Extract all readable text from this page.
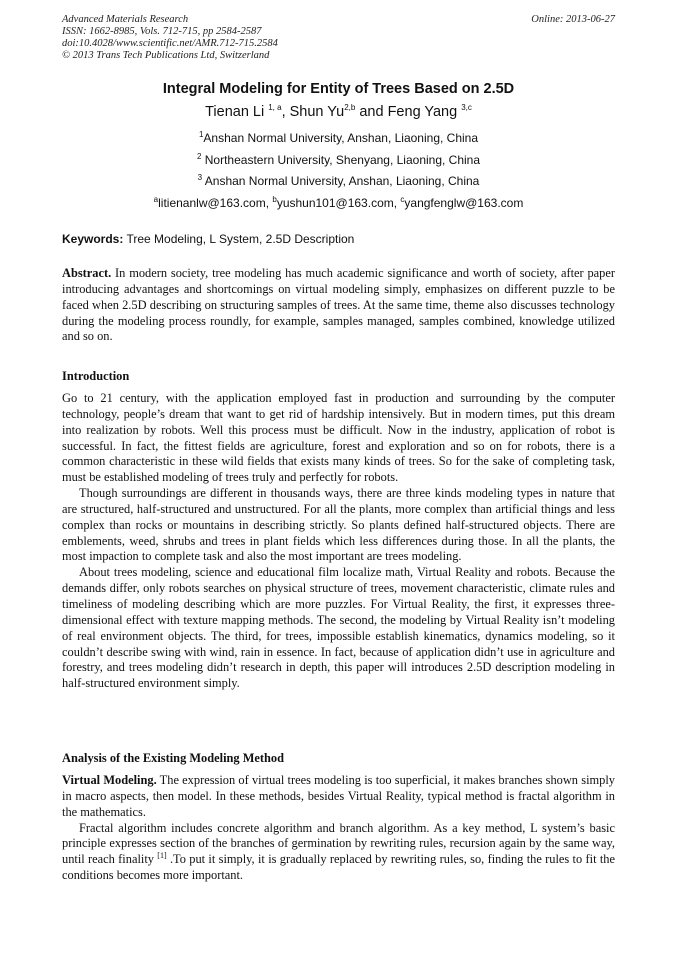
Advanced Materials Research
ISSN: 1662-8985, Vols. 712-715, pp 2584-2587
doi:10.4028/www.scientific.net/AMR.712-715.2584
© 2013 Trans Tech Publications Ltd, Switzerland
Online: 2013-06-27
Integral Modeling for Entity of Trees Based on 2.5D
Tienan Li $^{1, a}$, Shun Yu$^{2,b}$ and Feng Yang $^{3,c}$
$^1$Anshan Normal University, Anshan, Liaoning, China
$^2$ Northeastern University, Shenyang, Liaoning, China
$^3$ Anshan Normal University, Anshan, Liaoning, China
$^a$litienanlw@163.com, $^b$yushun101@163.com, $^c$yangfenglw@163.com
Keywords: Tree Modeling, L System, 2.5D Description
Abstract. In modern society, tree modeling has much academic significance and worth of society, after paper introducing advantages and shortcomings on virtual modeling simply, emphasizes on different puzzle to be faced when 2.5D describing on structuring samples of trees. At the same time, theme also discusses technology during the modeling process roundly, for example, samples managed, samples combined, knowledge utilized and so on.
Introduction
Go to 21 century, with the application employed fast in production and surrounding by the computer technology, people’s dream that want to get rid of hardship intensively. But in modern times, put this dream into realization by robots. Well this process must be difficult. Now in the industry, application of robot is successful. In fact, the fittest fields are agriculture, forest and exploration and so on for robots, there is a common characteristic in these wild fields that exists many kinds of trees. So for the sake of completing task, must be established modeling of trees truly and perfectly for robots.
Though surroundings are different in thousands ways, there are three kinds modeling types in nature that are structured, half-structured and unstructured. For all the plants, more complex than artificial things and less complex than rocks or mountains in describing strictly. So plants defined half-structured objects. There are emblements, weed, shrubs and trees in plant fields which less differences during those. In all the plants, the most impaction to complete task and also the most important are trees modeling.
About trees modeling, science and educational film localize math, Virtual Reality and robots. Because the demands differ, only robots searches on physical structure of trees, movement characteristic, climate rules and timeliness of modeling describing which are more puzzles. For Virtual Reality, the first, it expresses three-dimensional effect with texture mapping methods. The second, the modeling by Virtual Reality isn’t modeling of real environment objects. The third, for trees, impossible establish kinematics, dynamics modeling, so it couldn’t describe swing with wind, rain in essence. In fact, because of application didn’t use in agriculture and forestry, and trees modeling didn’t research in depth, this paper will introduces 2.5D description modeling in half-structured environment simply.
Analysis of the Existing Modeling Method
Virtual Modeling. The expression of virtual trees modeling is too superficial, it makes branches shown simply in macro aspects, then model. In these methods, besides Virtual Reality, typical method is fractal algorithm in the mathematics.
Fractal algorithm includes concrete algorithm and branch algorithm. As a key method, L system’s basic principle expresses section of the branches of germination by rewriting rules, recursion again by the same way, until reach finality [1] .To put it simply, it is gradually replaced by rewriting rules, so, finding the rules to fit the conditions becomes more important.
